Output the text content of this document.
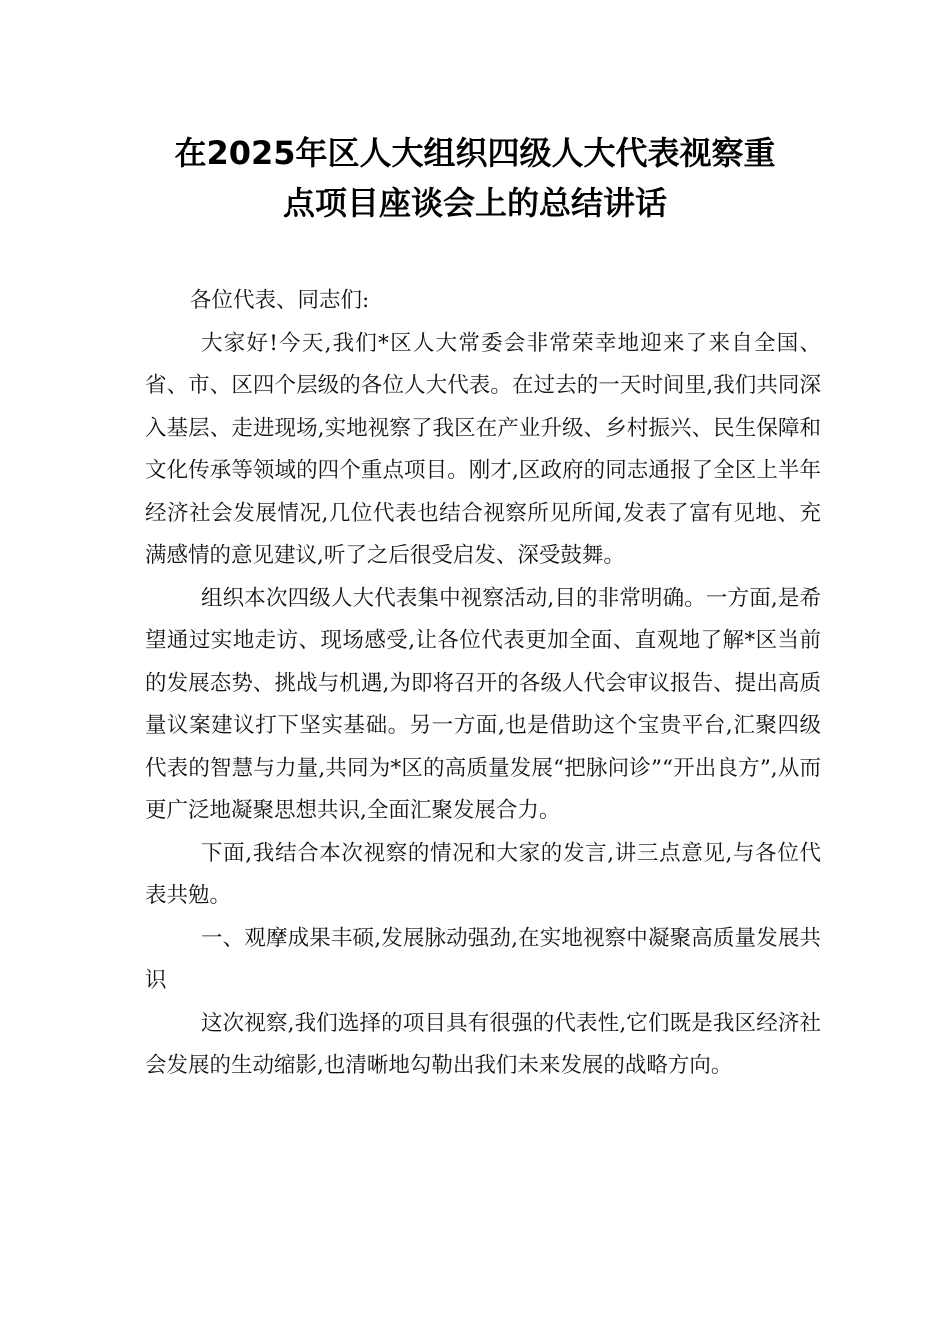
在2025年区人大组织四级人大代表视察重
点项目座谈会上的总结讲话

各位代表、同志们:

大家好!今天,我们*区人大常委会非常荣幸地迎来了来自全国、省、市、区四个层级的各位人大代表。在过去的一天时间里,我们共同深入基层、走进现场,实地视察了我区在产业升级、乡村振兴、民生保障和文化传承等领域的四个重点项目。刚才,区政府的同志通报了全区上半年经济社会发展情况,几位代表也结合视察所见所闻,发表了富有见地、充满感情的意见建议,听了之后很受启发、深受鼓舞。

组织本次四级人大代表集中视察活动,目的非常明确。一方面,是希望通过实地走访、现场感受,让各位代表更加全面、直观地了解*区当前的发展态势、挑战与机遇,为即将召开的各级人代会审议报告、提出高质量议案建议打下坚实基础。另一方面,也是借助这个宝贵平台,汇聚四级代表的智慧与力量,共同为*区的高质量发展“把脉问诊”“开出良方”,从而更广泛地凝聚思想共识,全面汇聚发展合力。

下面,我结合本次视察的情况和大家的发言,讲三点意见,与各位代表共勉。

一、观摩成果丰硕,发展脉动强劲,在实地视察中凝聚高质量发展共识

这次视察,我们选择的项目具有很强的代表性,它们既是我区经济社会发展的生动缩影,也清晰地勾勒出我们未来发展的战略方向。
